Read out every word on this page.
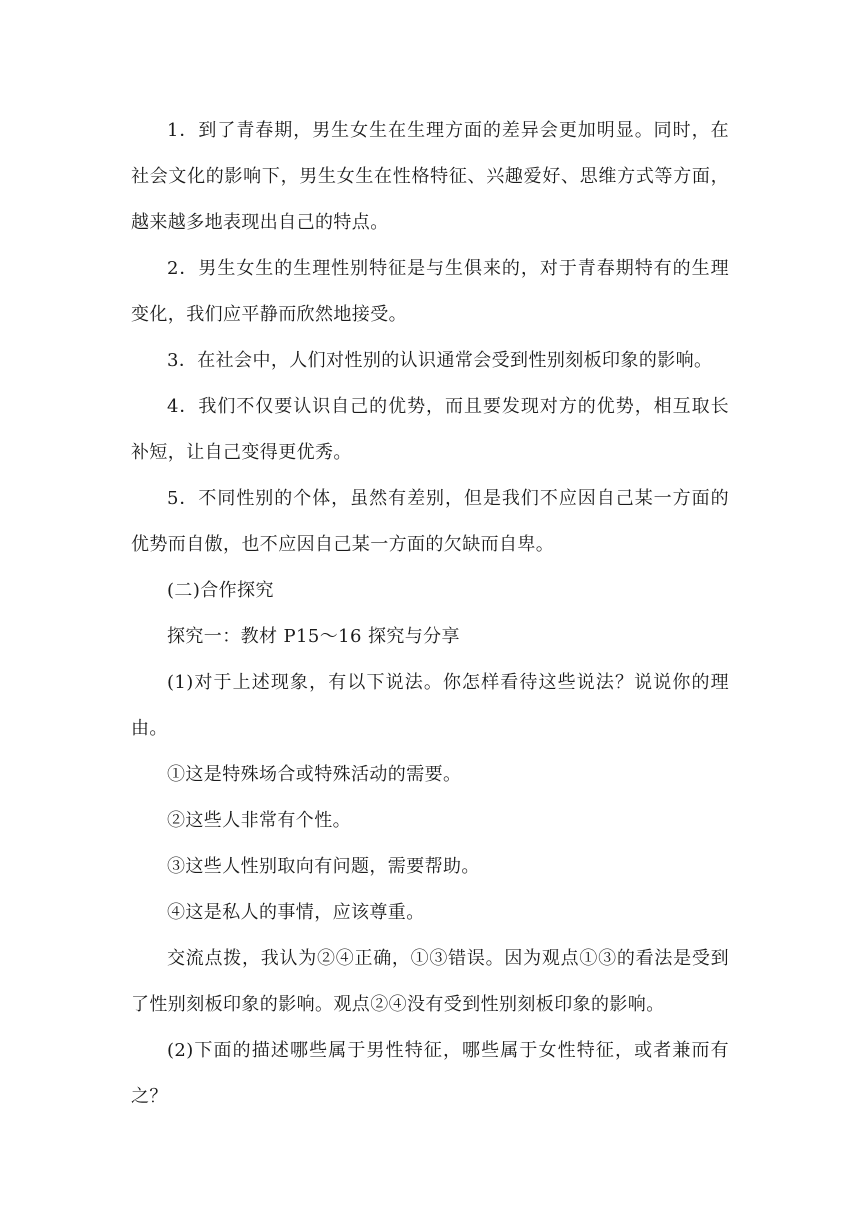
1．到了青春期，男生女生在生理方面的差异会更加明显。同时，在社会文化的影响下，男生女生在性格特征、兴趣爱好、思维方式等方面，越来越多地表现出自己的特点。

2．男生女生的生理性别特征是与生俱来的，对于青春期特有的生理变化，我们应平静而欣然地接受。

3．在社会中，人们对性别的认识通常会受到性别刻板印象的影响。

4．我们不仅要认识自己的优势，而且要发现对方的优势，相互取长补短，让自己变得更优秀。

5．不同性别的个体，虽然有差别，但是我们不应因自己某一方面的优势而自傲，也不应因自己某一方面的欠缺而自卑。

(二)合作探究

探究一：教材 P15～16 探究与分享

(1)对于上述现象，有以下说法。你怎样看待这些说法？说说你的理由。

①这是特殊场合或特殊活动的需要。

②这些人非常有个性。

③这些人性别取向有问题，需要帮助。

④这是私人的事情，应该尊重。

交流点拨，我认为②④正确，①③错误。因为观点①③的看法是受到了性别刻板印象的影响。观点②④没有受到性别刻板印象的影响。

(2)下面的描述哪些属于男性特征，哪些属于女性特征，或者兼而有之？
